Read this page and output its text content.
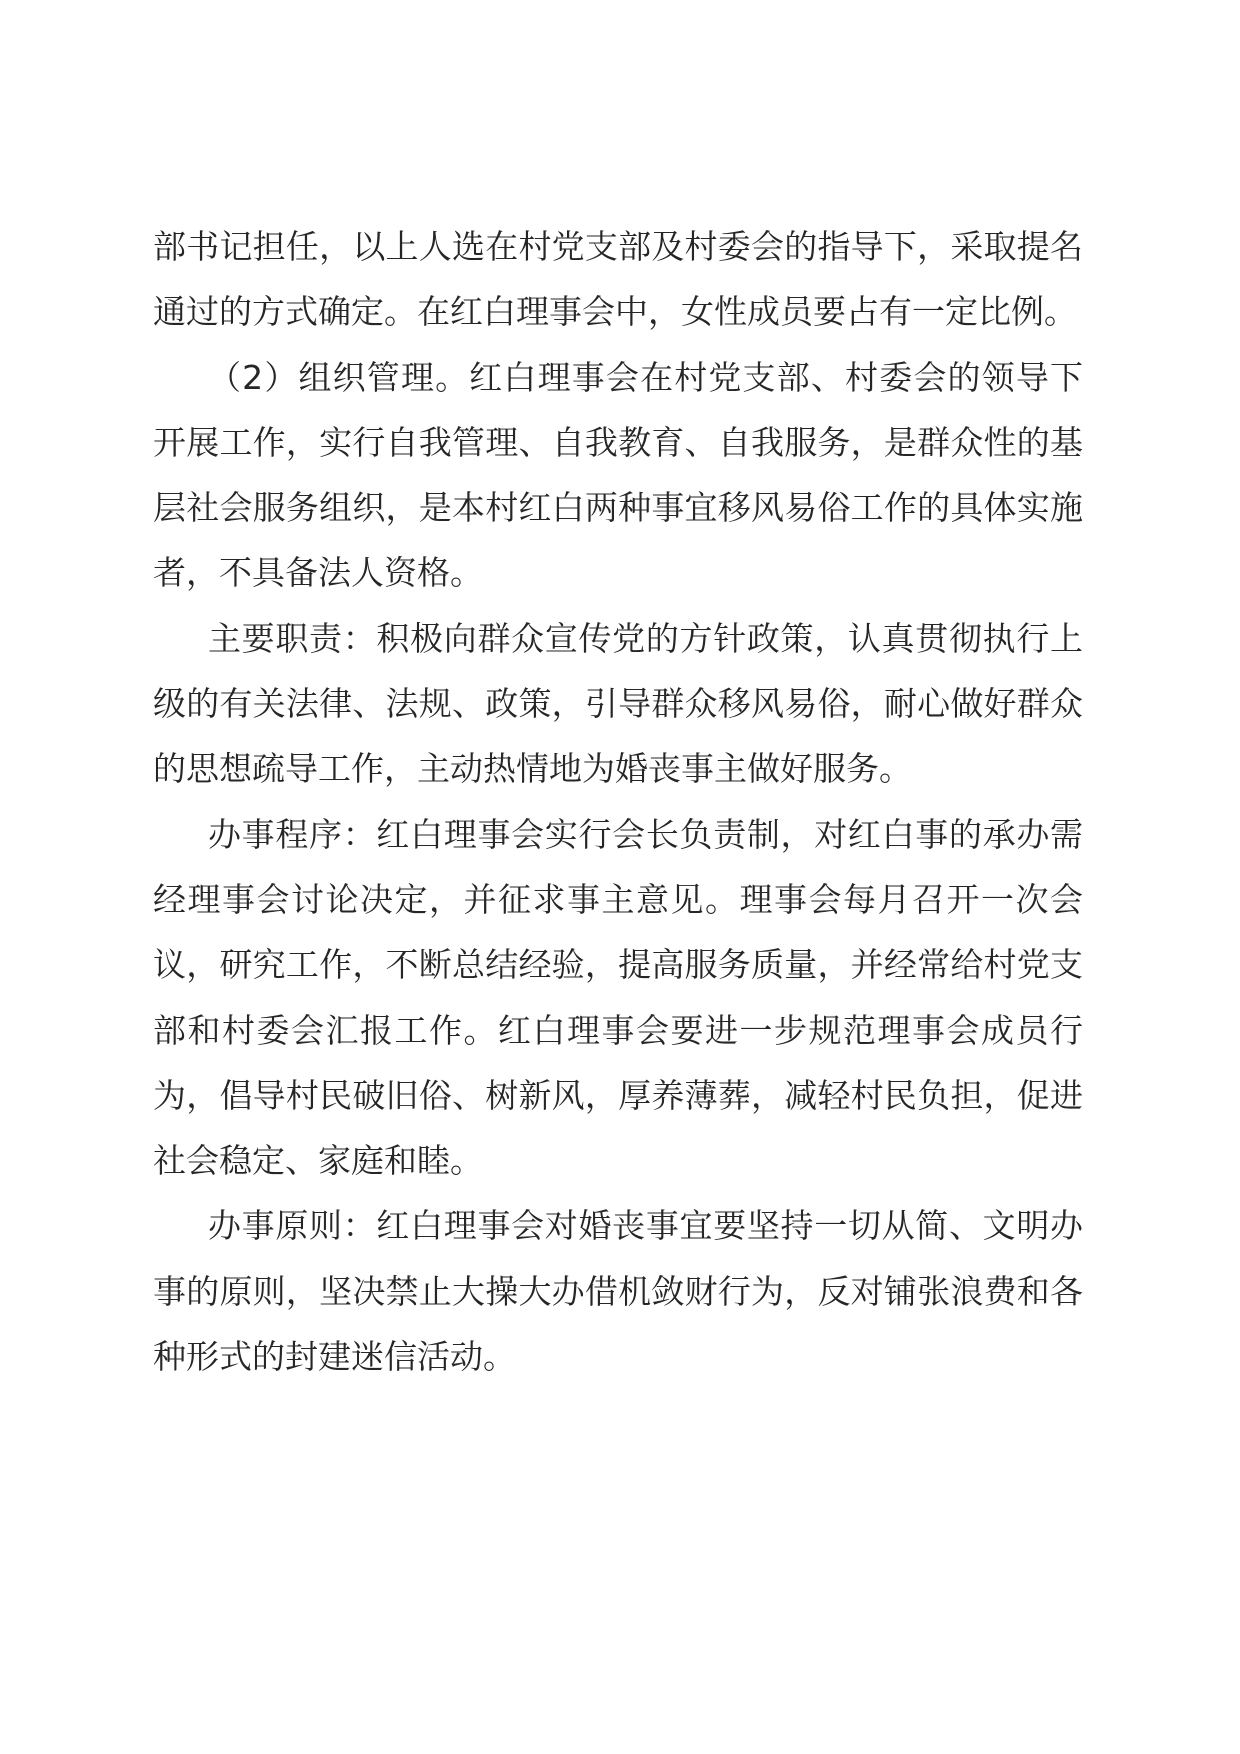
部书记担任，以上人选在村党支部及村委会的指导下，采取提名通过的方式确定。在红白理事会中，女性成员要占有一定比例。

（2）组织管理。红白理事会在村党支部、村委会的领导下开展工作，实行自我管理、自我教育、自我服务，是群众性的基层社会服务组织，是本村红白两种事宜移风易俗工作的具体实施者，不具备法人资格。

主要职责：积极向群众宣传党的方针政策，认真贯彻执行上级的有关法律、法规、政策，引导群众移风易俗，耐心做好群众的思想疏导工作，主动热情地为婚丧事主做好服务。

办事程序：红白理事会实行会长负责制，对红白事的承办需经理事会讨论决定，并征求事主意见。理事会每月召开一次会议，研究工作，不断总结经验，提高服务质量，并经常给村党支部和村委会汇报工作。红白理事会要进一步规范理事会成员行为，倡导村民破旧俗、树新风，厚养薄葬，减轻村民负担，促进社会稳定、家庭和睦。

办事原则：红白理事会对婚丧事宜要坚持一切从简、文明办事的原则，坚决禁止大操大办借机敛财行为，反对铺张浪费和各种形式的封建迷信活动。
